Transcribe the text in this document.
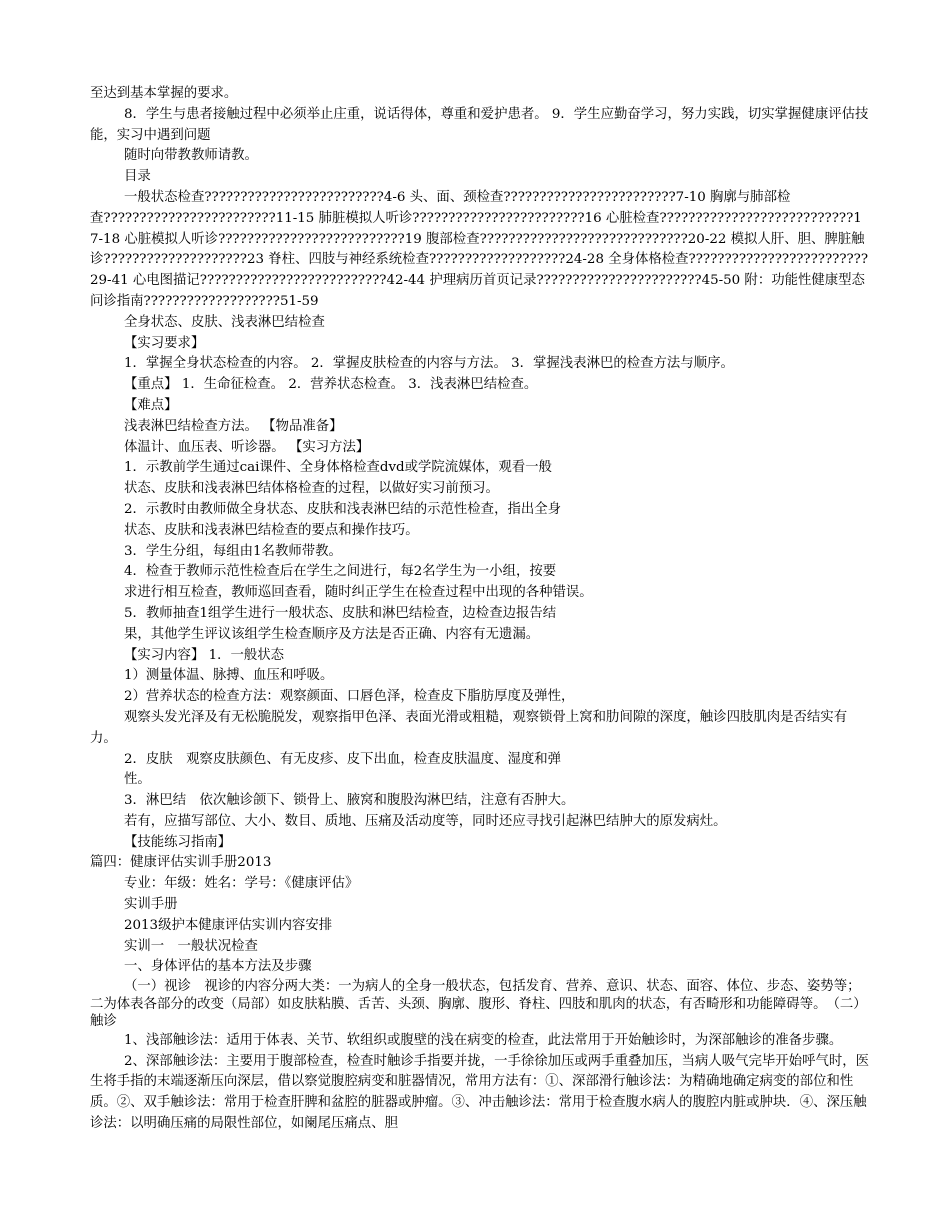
至达到基本掌握的要求。

8．学生与患者接触过程中必须举止庄重，说话得体，尊重和爱护患者。 9．学生应勤奋学习，努力实践，切实掌握健康评估技能，实习中遇到问题

随时向带教教师请教。

目录

一般状态检查?????????????????????????4-6 头、面、颈检查????????????????????????7-10 胸廓与肺部检查????????????????????????11-15 肺脏模拟人听诊????????????????????????16 心脏检查???????????????????????????17-18 心脏模拟人听诊??????????????????????????19 腹部检查?????????????????????????????20-22 模拟人肝、胆、脾脏触诊????????????????????23 脊柱、四肢与神经系统检查???????????????????24-28 全身体格检查?????????????????????????29-41 心电图描记??????????????????????????42-44 护理病历首页记录???????????????????????45-50 附：功能性健康型态问诊指南???????????????????51-59

全身状态、皮肤、浅表淋巴结检查

【实习要求】

1．掌握全身状态检查的内容。 2．掌握皮肤检查的内容与方法。 3．掌握浅表淋巴的检查方法与顺序。

【重点】 1．生命征检查。 2．营养状态检查。 3．浅表淋巴结检查。

【难点】

浅表淋巴结检查方法。 【物品准备】

体温计、血压表、听诊器。 【实习方法】

1．示教前学生通过cai课件、全身体格检查dvd或学院流媒体，观看一般

状态、皮肤和浅表淋巴结体格检查的过程，以做好实习前预习。

2．示教时由教师做全身状态、皮肤和浅表淋巴结的示范性检查，指出全身

状态、皮肤和浅表淋巴结检查的要点和操作技巧。

3．学生分组，每组由1名教师带教。

4．检查于教师示范性检查后在学生之间进行，每2名学生为一小组，按要

求进行相互检查，教师巡回查看，随时纠正学生在检查过程中出现的各种错误。

5．教师抽查1组学生进行一般状态、皮肤和淋巴结检查，边检查边报告结

果，其他学生评议该组学生检查顺序及方法是否正确、内容有无遗漏。

【实习内容】 1．一般状态

1）测量体温、脉搏、血压和呼吸。

2）营养状态的检查方法：观察颜面、口唇色泽，检查皮下脂肪厚度及弹性，

观察头发光泽及有无松脆脱发，观察指甲色泽、表面光滑或粗糙，观察锁骨上窝和肋间隙的深度，触诊四肢肌肉是否结实有力。

2．皮肤　观察皮肤颜色、有无皮疹、皮下出血，检查皮肤温度、湿度和弹

性。

3．淋巴结　依次触诊颌下、锁骨上、腋窝和腹股沟淋巴结，注意有否肿大。

若有，应描写部位、大小、数目、质地、压痛及活动度等，同时还应寻找引起淋巴结肿大的原发病灶。

【技能练习指南】

篇四：健康评估实训手册2013

专业：年级：姓名：学号：《健康评估》

实训手册

2013级护本健康评估实训内容安排

实训一　一般状况检查

一、身体评估的基本方法及步骤

（一）视诊　视诊的内容分两大类：一为病人的全身一般状态，包括发育、营养、意识、状态、面容、体位、步态、姿势等；二为体表各部分的改变（局部）如皮肤粘膜、舌苦、头颈、胸廓、腹形、脊柱、四肢和肌肉的状态，有否畸形和功能障碍等。　（二）触诊

1、浅部触诊法：适用于体表、关节、软组织或腹壁的浅在病变的检查，此法常用于开始触诊时，为深部触诊的准备步骤。

2、深部触诊法：主要用于腹部检查，检查时触诊手指要并拢，一手徐徐加压或两手重叠加压，当病人吸气完毕开始呼气时，医生将手指的末端逐渐压向深层，借以察觉腹腔病变和脏器情况，常用方法有：①、深部滑行触诊法：为精确地确定病变的部位和性质。②、双手触诊法：常用于检查肝脾和盆腔的脏器或肿瘤。③、冲击触诊法：常用于检查腹水病人的腹腔内脏或肿块．④、深压触诊法：以明确压痛的局限性部位，如阑尾压痛点、胆
